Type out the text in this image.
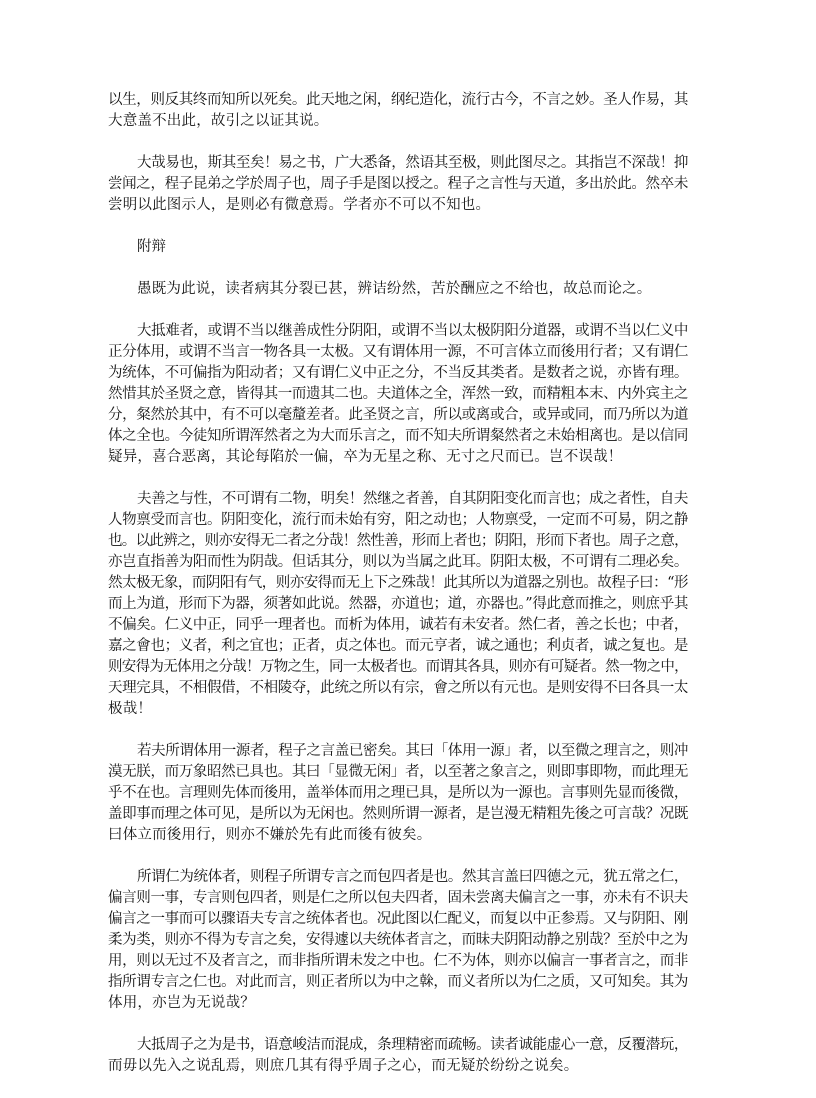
以生，则反其终而知所以死矣。此天地之闲，纲纪造化，流行古今，不言之妙。圣人作易，其
大意盖不出此，故引之以证其说。

大哉易也，斯其至矣！易之书，广大悉备，然语其至极，则此图尽之。其指岂不深哉！抑
尝闻之，程子昆弟之学於周子也，周子手是图以授之。程子之言性与天道，多出於此。然卒未
尝明以此图示人，是则必有微意焉。学者亦不可以不知也。

附辩

愚既为此说，读者病其分裂已甚，辨诘纷然，苦於酬应之不给也，故总而论之。

大抵难者，或谓不当以继善成性分阴阳，或谓不当以太极阴阳分道器，或谓不当以仁义中
正分体用，或谓不当言一物各具一太极。又有谓体用一源，不可言体立而後用行者；又有谓仁
为统体，不可偏指为阳动者；又有谓仁义中正之分，不当反其类者。是数者之说，亦皆有理。
然惜其於圣贤之意，皆得其一而遗其二也。夫道体之全，浑然一致，而精粗本末、内外宾主之
分，粲然於其中，有不可以毫釐差者。此圣贤之言，所以或离或合，或异或同，而乃所以为道
体之全也。今徒知所谓浑然者之为大而乐言之，而不知夫所谓粲然者之未始相离也。是以信同
疑异，喜合恶离，其论每陷於一偏，卒为无星之称、无寸之尺而已。岂不误哉！

夫善之与性，不可谓有二物，明矣！然继之者善，自其阴阳变化而言也；成之者性，自夫
人物禀受而言也。阴阳变化，流行而未始有穷，阳之动也；人物禀受，一定而不可易，阴之静
也。以此辨之，则亦安得无二者之分哉！然性善，形而上者也；阴阳，形而下者也。周子之意，
亦岂直指善为阳而性为阴哉。但话其分，则以为当属之此耳。阴阳太极，不可谓有二理必矣。
然太极无象，而阴阳有气，则亦安得而无上下之殊哉！此其所以为道器之别也。故程子曰：“形
而上为道，形而下为器，须著如此说。然器，亦道也；道，亦器也。”得此意而推之，则庶乎其
不偏矣。仁义中正，同乎一理者也。而析为体用，诚若有未安者。然仁者，善之长也；中者，
嘉之會也；义者，利之宜也；正者，贞之体也。而元亨者，诚之通也；利贞者，诚之复也。是
则安得为无体用之分哉！万物之生，同一太极者也。而谓其各具，则亦有可疑者。然一物之中，
天理完具，不相假借，不相陵夺，此统之所以有宗，會之所以有元也。是则安得不曰各具一太
极哉！

若夫所谓体用一源者，程子之言盖已密矣。其曰「体用一源」者，以至微之理言之，则冲
漠无朕，而万象昭然已具也。其曰「显微无闲」者，以至著之象言之，则即事即物，而此理无
乎不在也。言理则先体而後用，盖举体而用之理已具，是所以为一源也。言事则先显而後微，
盖即事而理之体可见，是所以为无闲也。然则所谓一源者，是岂漫无精粗先後之可言哉？况既
曰体立而後用行，则亦不嫌於先有此而後有彼矣。

所谓仁为统体者，则程子所谓专言之而包四者是也。然其言盖曰四德之元，犹五常之仁，
偏言则一事，专言则包四者，则是仁之所以包夫四者，固未尝离夫偏言之一事，亦未有不识夫
偏言之一事而可以骤语夫专言之统体者也。况此图以仁配义，而复以中正参焉。又与阴阳、刚
柔为类，则亦不得为专言之矣，安得遽以夫统体者言之，而昧夫阴阳动静之别哉？至於中之为
用，则以无过不及者言之，而非指所谓未发之中也。仁不为体，则亦以偏言一事者言之，而非
指所谓专言之仁也。对此而言，则正者所以为中之榦，而义者所以为仁之质，又可知矣。其为
体用，亦岂为无说哉？

大抵周子之为是书，语意峻洁而混成，条理精密而疏畅。读者诚能虚心一意，反覆潜玩，
而毋以先入之说乱焉，则庶几其有得乎周子之心，而无疑於纷纷之说矣。
